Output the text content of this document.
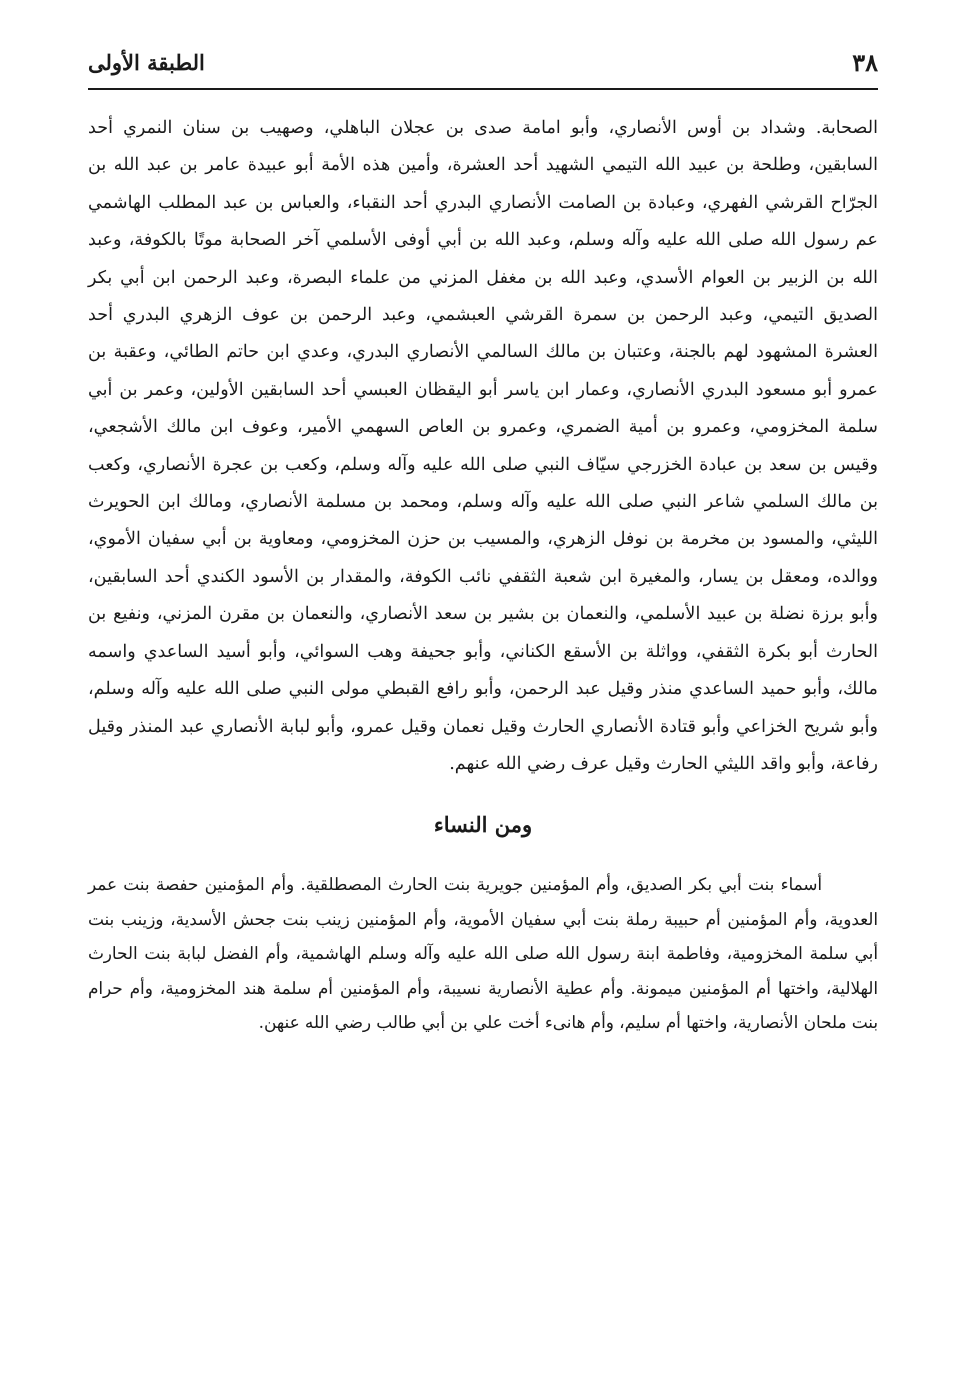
٣٨
الطبقة الأولى

الصحابة. وشداد بن أوس الأنصاري، وأبو امامة صدى بن عجلان الباهلي، وصهيب بن سنان النمري أحد السابقين، وطلحة بن عبيد الله التيمي الشهيد أحد العشرة، وأمين هذه الأمة أبو عبيدة عامر بن عبد الله بن الجرّاح القرشي الفهري، وعبادة بن الصامت الأنصاري البدري أحد النقباء، والعباس بن عبد المطلب الهاشمي عم رسول الله صلى الله عليه وآله وسلم، وعبد الله بن أبي أوفى الأسلمي آخر الصحابة موتًا بالكوفة، وعبد الله بن الزبير بن العوام الأسدي، وعبد الله بن مغفل المزني من علماء البصرة، وعبد الرحمن ابن أبي بكر الصديق التيمي، وعبد الرحمن بن سمرة القرشي العبشمي، وعبد الرحمن بن عوف الزهري البدري أحد العشرة المشهود لهم بالجنة، وعتبان بن مالك السالمي الأنصاري البدري، وعدي ابن حاتم الطائي، وعقبة بن عمرو أبو مسعود البدري الأنصاري، وعمار ابن ياسر أبو اليقظان العبسي أحد السابقين الأولين، وعمر بن أبي سلمة المخزومي، وعمرو بن أمية الضمري، وعمرو بن العاص السهمي الأمير، وعوف ابن مالك الأشجعي، وقيس بن سعد بن عبادة الخزرجي سيّاف النبي صلى الله عليه وآله وسلم، وكعب بن عجرة الأنصاري، وكعب بن مالك السلمي شاعر النبي صلى الله عليه وآله وسلم، ومحمد بن مسلمة الأنصاري، ومالك ابن الحويرث الليثي، والمسود بن مخرمة بن نوفل الزهري، والمسيب بن حزن المخزومي، ومعاوية بن أبي سفيان الأموي، ووالده، ومعقل بن يسار، والمغيرة ابن شعبة الثقفي نائب الكوفة، والمقدار بن الأسود الكندي أحد السابقين، وأبو برزة نضلة بن عبيد الأسلمي، والنعمان بن بشير بن سعد الأنصاري، والنعمان بن مقرن المزني، ونفيع بن الحارث أبو بكرة الثقفي، وواثلة بن الأسقع الكناني، وأبو جحيفة وهب السوائي، وأبو أسيد الساعدي واسمه مالك، وأبو حميد الساعدي منذر وقيل عبد الرحمن، وأبو رافع القبطي مولى النبي صلى الله عليه وآله وسلم، وأبو شريح الخزاعي وأبو قتادة الأنصاري الحارث وقيل نعمان وقيل عمرو، وأبو لبابة الأنصاري عبد المنذر وقيل رفاعة، وأبو واقد الليثي الحارث وقيل عرف رضي الله عنهم.

ومن النساء

أسماء بنت أبي بكر الصديق، وأم المؤمنين جويرية بنت الحارث المصطلقية. وأم المؤمنين حفصة بنت عمر العدوية، وأم المؤمنين أم حبيبة رملة بنت أبي سفيان الأموية، وأم المؤمنين زينب بنت جحش الأسدية، وزينب بنت أبي سلمة المخزومية، وفاطمة ابنة رسول الله صلى الله عليه وآله وسلم الهاشمية، وأم الفضل لبابة بنت الحارث الهلالية، واختها أم المؤمنين ميمونة. وأم عطية الأنصارية نسيبة، وأم المؤمنين أم سلمة هند المخزومية، وأم حرام بنت ملحان الأنصارية، واختها أم سليم، وأم هانىء أخت علي بن أبي طالب رضي الله عنهن.
